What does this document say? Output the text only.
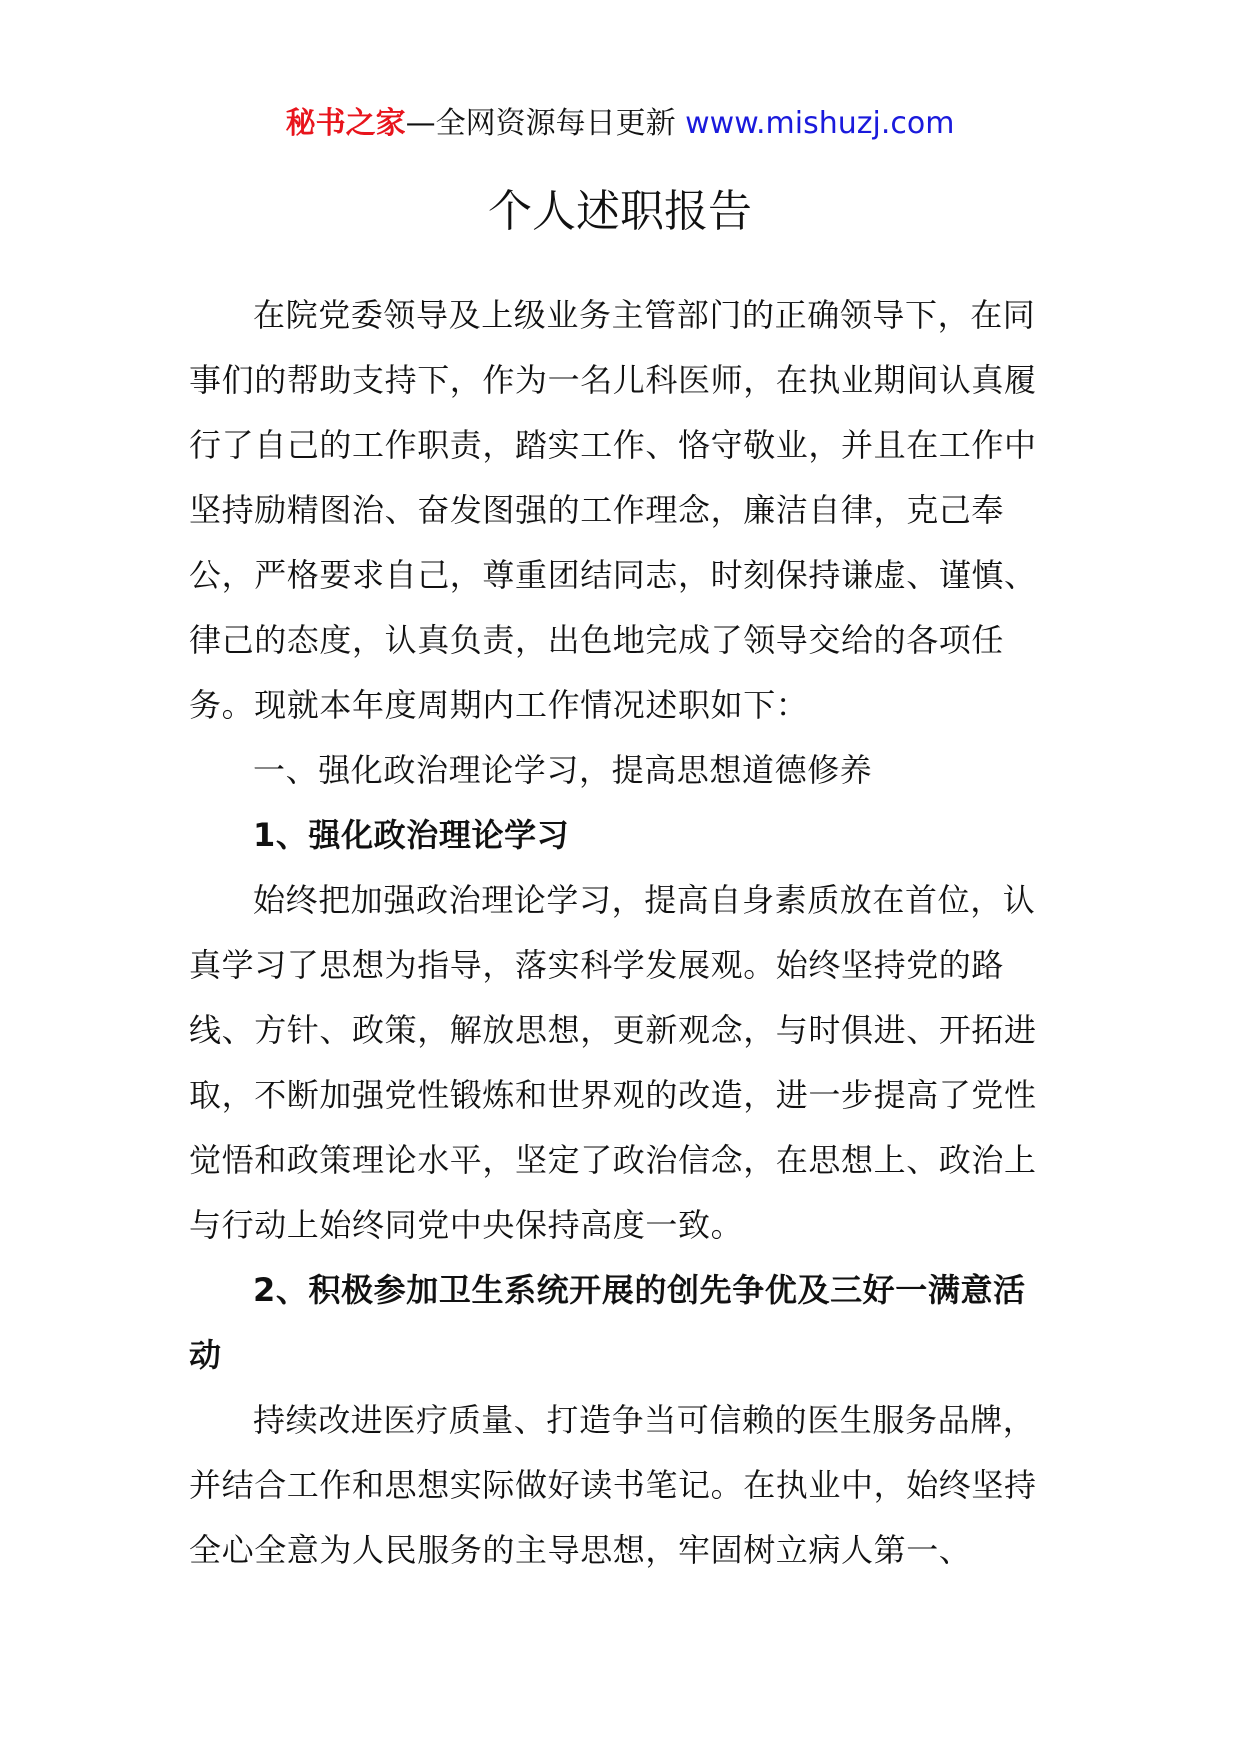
秘书之家—全网资源每日更新 www.mishuzj.com
个人述职报告

在院党委领导及上级业务主管部门的正确领导下，在同事们的帮助支持下，作为一名儿科医师，在执业期间认真履行了自己的工作职责，踏实工作、恪守敬业，并且在工作中坚持励精图治、奋发图强的工作理念，廉洁自律，克己奉公，严格要求自己，尊重团结同志，时刻保持谦虚、谨慎、律己的态度，认真负责，出色地完成了领导交给的各项任务。现就本年度周期内工作情况述职如下：

一、强化政治理论学习，提高思想道德修养

1、强化政治理论学习

始终把加强政治理论学习，提高自身素质放在首位，认真学习了思想为指导，落实科学发展观。始终坚持党的路线、方针、政策，解放思想，更新观念，与时俱进、开拓进取，不断加强党性锻炼和世界观的改造，进一步提高了党性觉悟和政策理论水平，坚定了政治信念，在思想上、政治上与行动上始终同党中央保持高度一致。

2、积极参加卫生系统开展的创先争优及三好一满意活动

持续改进医疗质量、打造争当可信赖的医生服务品牌，并结合工作和思想实际做好读书笔记。在执业中，始终坚持全心全意为人民服务的主导思想，牢固树立病人第一、
